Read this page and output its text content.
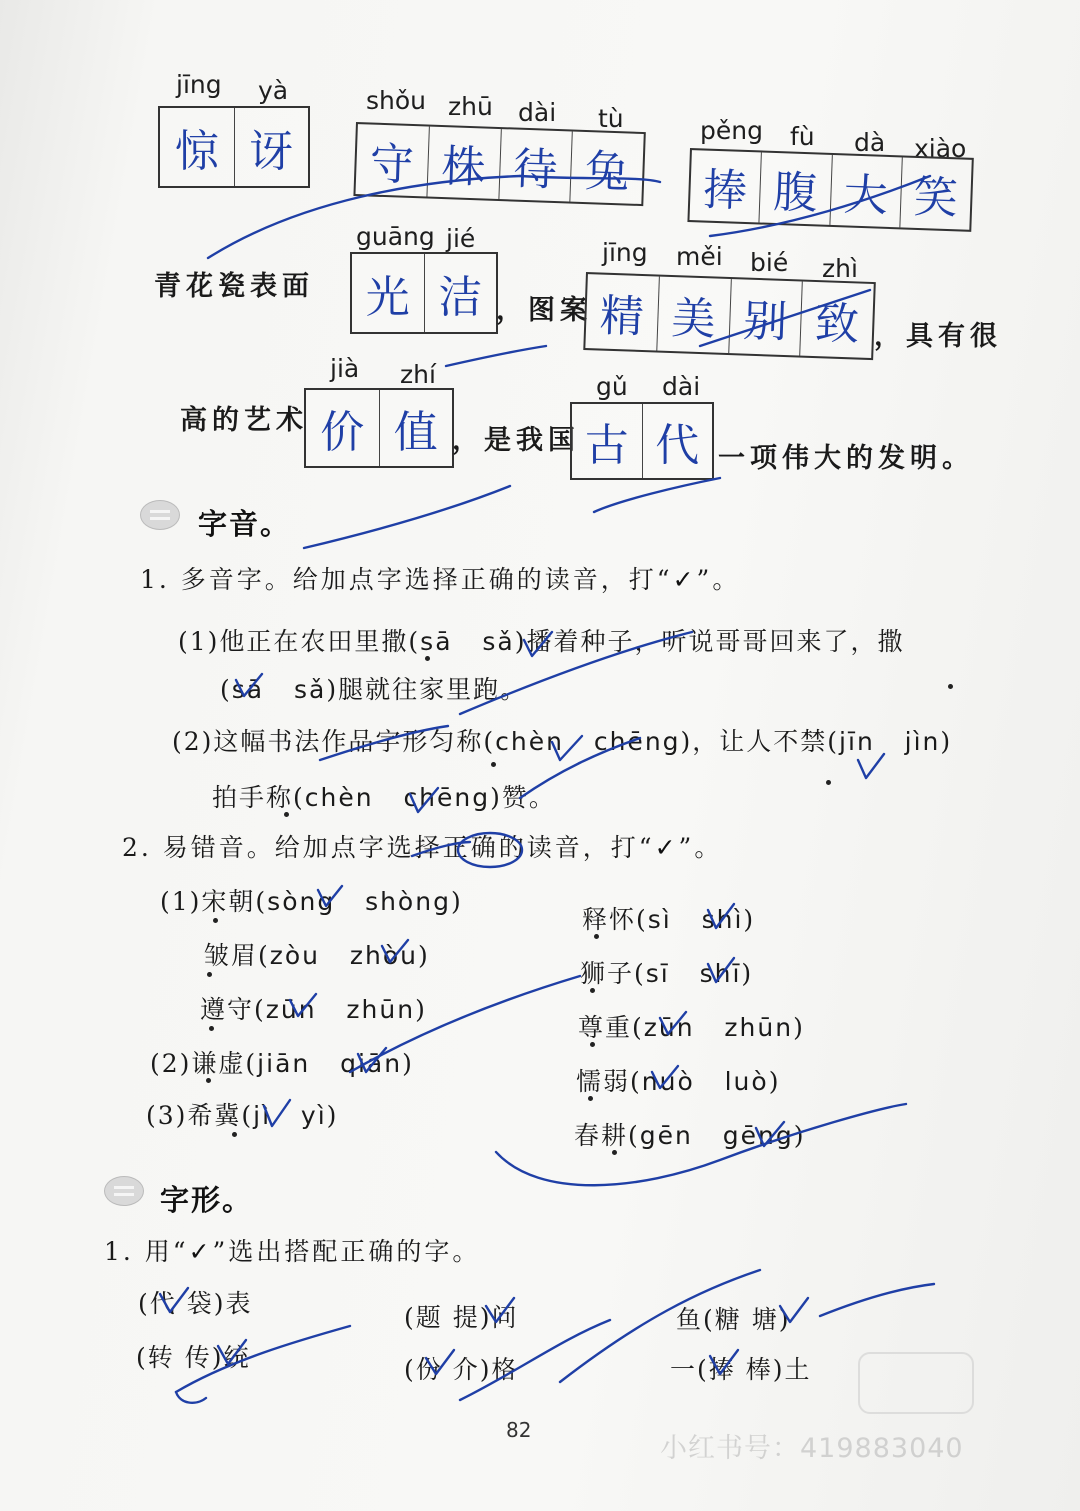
jīng yà
惊 讶
shǒu zhū dài tù
守 株 待 兔
pěng fù dà xiào
捧 腹 大 笑
青花瓷表面
guāng jié
光 洁 ，图案
jīng měi bié zhì
精 美 别 致 ，具有很
高的艺术
jià zhí
价 值 ，是我国
gǔ dài
古 代 一项伟大的发明。
字音。
1. 多音字。给加点字选择正确的读音，打“✓”。
(1)他正在农田里撒(sā sǎ)播着种子，听说哥哥回来了，撒
(sā sǎ)腿就往家里跑。
(2)这幅书法作品字形匀称(chèn chēng)，让人不禁(jīn jìn)
拍手称(chèn chēng)赞。
2. 易错音。给加点字选择正确的读音，打“✓”。
(1)宋朝(sòng shòng)
皱眉(zòu zhòu)
遵守(zūn zhūn)
(2)谦虚(jiān qiān)
(3)希冀(jì yì)
释怀(sì shì)
狮子(sī shī)
尊重(zūn zhūn)
懦弱(nuò luò)
春耕(gēn gēng)
字形。
1. 用“✓”选出搭配正确的字。
(代 袋)表
(转 传)统
(题 提)问
(份 介)格
鱼(糖 塘)
一(捧 棒)土
82
小红书号：419883040
